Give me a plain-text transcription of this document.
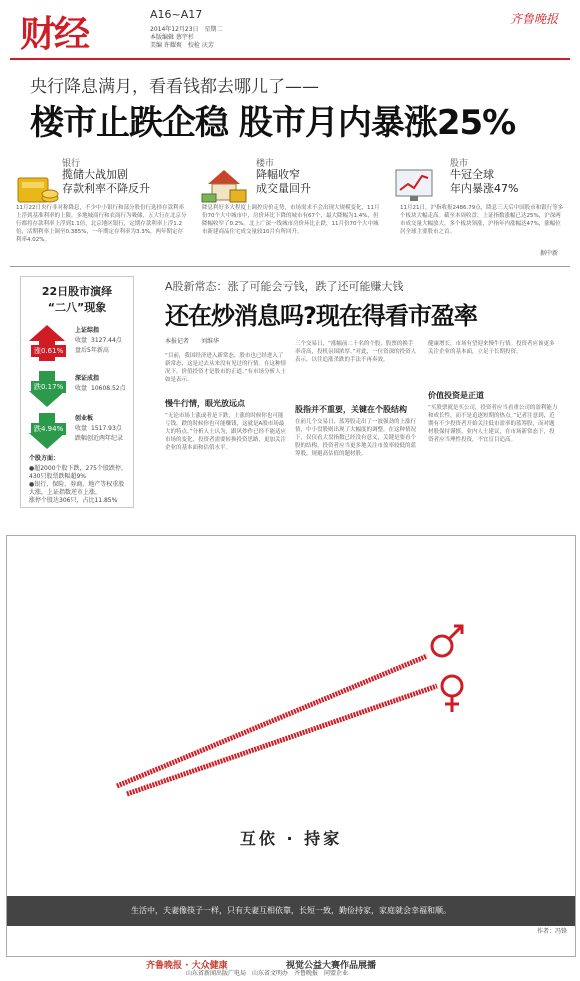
财经	A16~A17
2014年12月23日　星期二
本版编辑 蔡宇杉
美编 许耀爽　校检 庆芳
齐鲁晚报
央行降息满月，看看钱都去哪儿了——
楼市止跌企稳 股市月内暴涨25%
银行
揽储大战加剧
存款利率不降反升
11月22日央行非对称降息，不少中小银行和部分股份行选择存款利率上浮到基准利率的上限。多地城商行和农商行为吸储，五大行在北京分行都将存款利率上浮到1.1倍，北京地区银行，定期存款利率上浮1.2倍，活期利率上调至0.385%，一年期定存利率为3.3%，两年期定存利率4.02%。
楼市
降幅收窄
成交量回升
降息利好多大程度上调控房价走势，市场需求不会出现大规模变化，11月份70个大中城市中，房价环比下降的城市有67个，最大降幅为1.4%，但降幅收窄了0.2%。北上广深一线城市房价环比止跌，11月份70个大中城市新建商品住宅成交量较10月有所回升。
股市
牛冠全球
年内暴涨47%
11月21日，沪指收报2486.79点，降息三天后中国股市和银行等多个板块大幅走高。截至本周收盘，上证指数涨幅已达25%，沪深两市成交量大幅放大，多个板块领涨，沪指年内涨幅达47%，涨幅位居全球主要股市之首。
据中新
22日股市演绎
“二八”现象
涨0.61%
上证综指
收盘 3127.44点
盘后5年新高
跌0.17%
深证成指
收盘 10608.52点
跌4.94%
创业板
收盘 1517.93点
跌幅创近两年纪录
个股方面：
●超2000个股下跌，275个股跌停，430只股票跌幅超9%
●银行、保险、券商、地产等权重股大涨，上证指数逆市上涨，
涨停个股达306只，占比11.85%
A股新常态：涨了可能会亏钱，跌了还可能赚大钱
还在炒消息吗?现在得看市盈率
本报记者 刘维华
“目前，我国经济进入新常态，股市也已经进入了新常态，这是过去从来没有见过的行情。在这种情况下，价值投资才是股市的正道。”有市场分析人士如是表示。
慢牛行情，眼光放远点
“无论市场上涨或者是下跌，上涨的时候你也可能亏钱，跌的时候你也可能赚钱，这就是A股市场最大的特点。”分析人士认为，跟风炒作已经不能适应市场的变化，投资者需要转换投资思路，更加关注企业的基本面和估值水平。
三个交易日，“涨幅前二十名的个股，股票的换手率奇高，投机氛围浓厚。”对此，一位资深的投资人表示，以往追涨杀跌的手法不再奏效。
股指并不重要，关键在个股结构
在前几个交易日，蓝筹股走出了一波强劲的上涨行情，中小盘股则出现了大幅度的调整。在这种情况下，仅仅看大盘指数已经没有意义，关键是要看个股的结构。投资者应当更多地关注市盈率较低的蓝筹股，规避高估值的题材股。
健康增长，市场有望迎来慢牛行情。投资者应该更多关注企业的基本面，立足于长期投资。
价值投资是正道
“买股票就是买公司，投资者应当看重公司的盈利能力和成长性，而不是追逐短期的热点。”记者注意到，近期有不少投资者开始关注低市盈率的蓝筹股，而对题材股保持谨慎。业内人士建议，在市场新常态下，投资者应当理性投资，不宜盲目追高。
互依 · 持家
生活中，夫妻像筷子一样，只有夫妻互相依靠，长短一致，勤俭持家，家庭就会幸福和顺。
作者：冯锋
齐鲁晚报 · 大众健康	视觉公益大赛作品展播
山东省新闻出版广电局　山东省文明办　齐鲁晚报　同盟企业
